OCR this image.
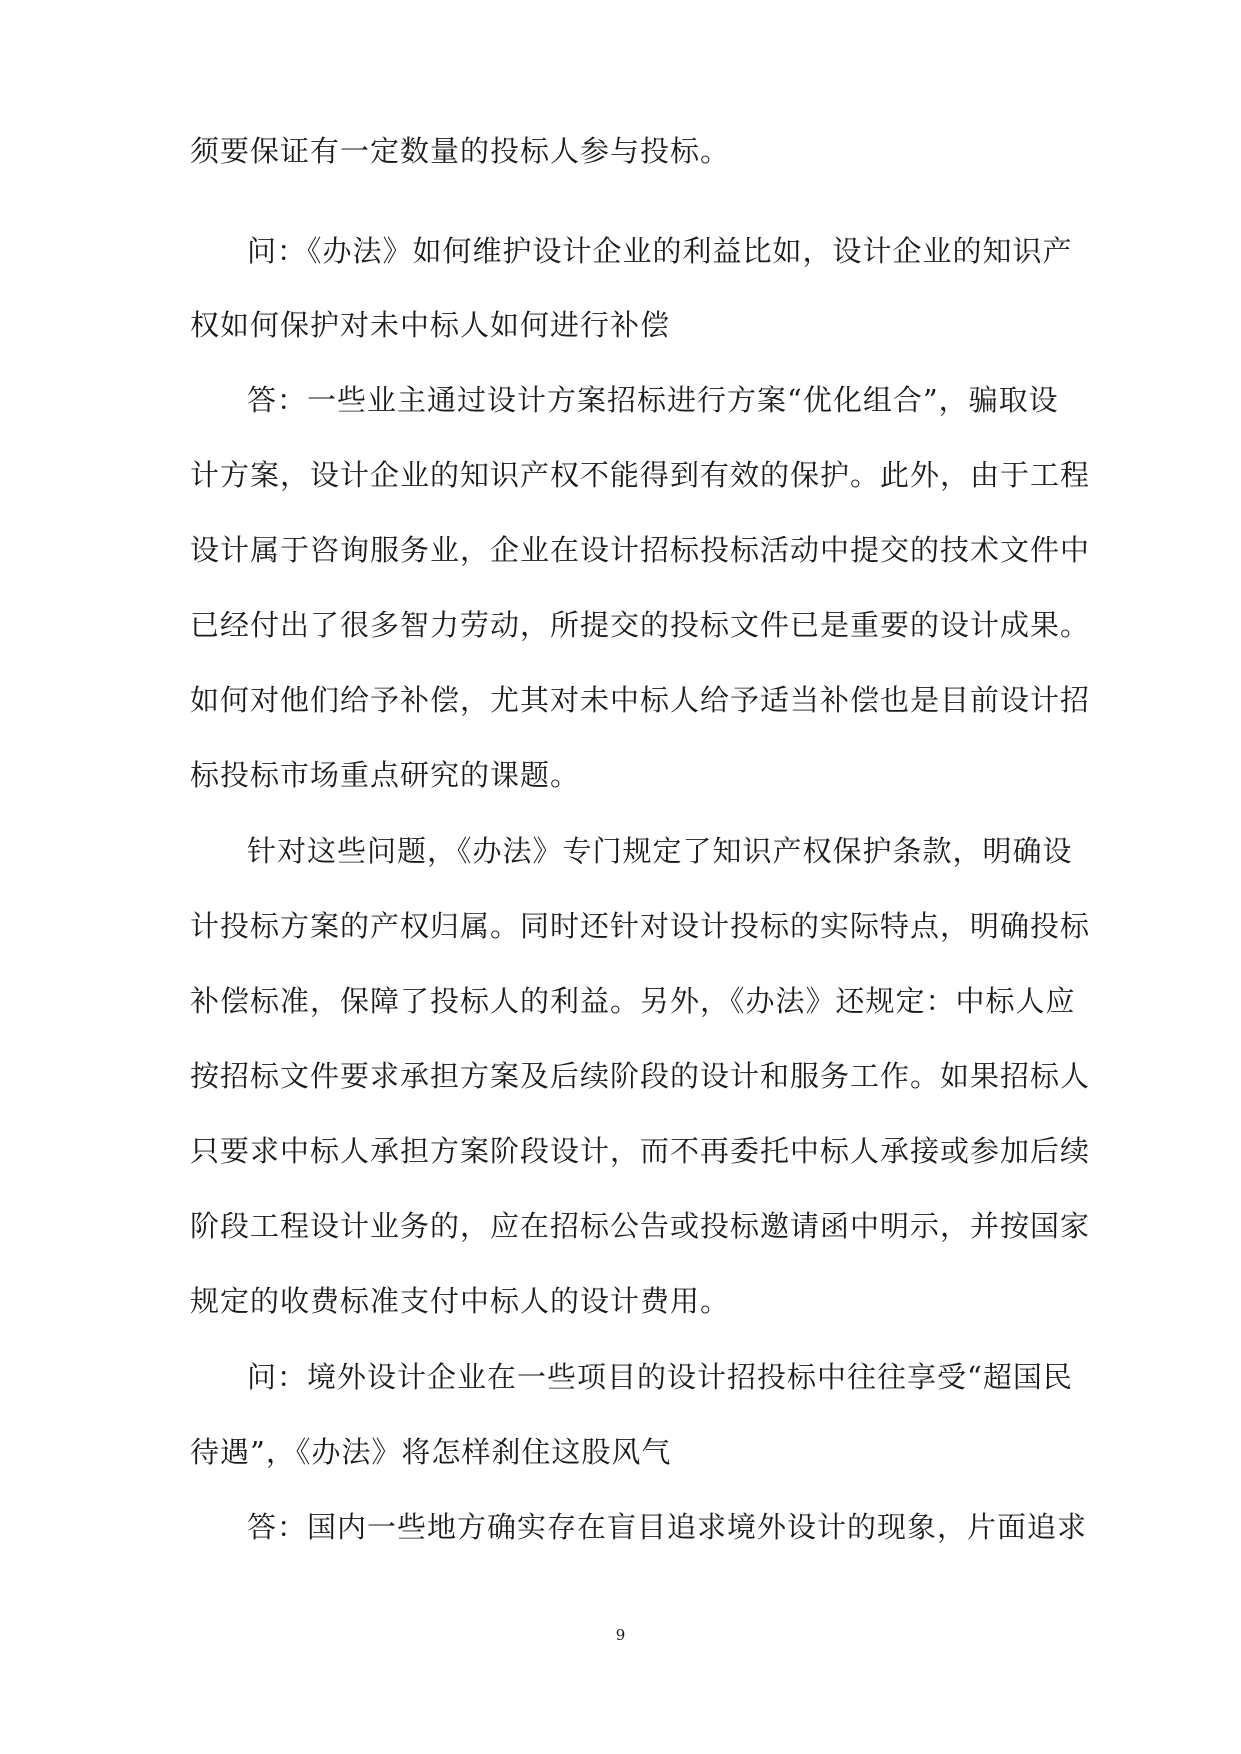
须要保证有一定数量的投标人参与投标。
问：《办法》如何维护设计企业的利益比如，设计企业的知识产
权如何保护对未中标人如何进行补偿
答：一些业主通过设计方案招标进行方案“优化组合”，骗取设
计方案，设计企业的知识产权不能得到有效的保护。此外，由于工程
设计属于咨询服务业，企业在设计招标投标活动中提交的技术文件中
已经付出了很多智力劳动，所提交的投标文件已是重要的设计成果。
如何对他们给予补偿，尤其对未中标人给予适当补偿也是目前设计招
标投标市场重点研究的课题。
针对这些问题，《办法》专门规定了知识产权保护条款，明确设
计投标方案的产权归属。同时还针对设计投标的实际特点，明确投标
补偿标准，保障了投标人的利益。另外，《办法》还规定：中标人应
按招标文件要求承担方案及后续阶段的设计和服务工作。如果招标人
只要求中标人承担方案阶段设计，而不再委托中标人承接或参加后续
阶段工程设计业务的，应在招标公告或投标邀请函中明示，并按国家
规定的收费标准支付中标人的设计费用。
问：境外设计企业在一些项目的设计招投标中往往享受“超国民
待遇”，《办法》将怎样刹住这股风气
答：国内一些地方确实存在盲目追求境外设计的现象，片面追求
9
